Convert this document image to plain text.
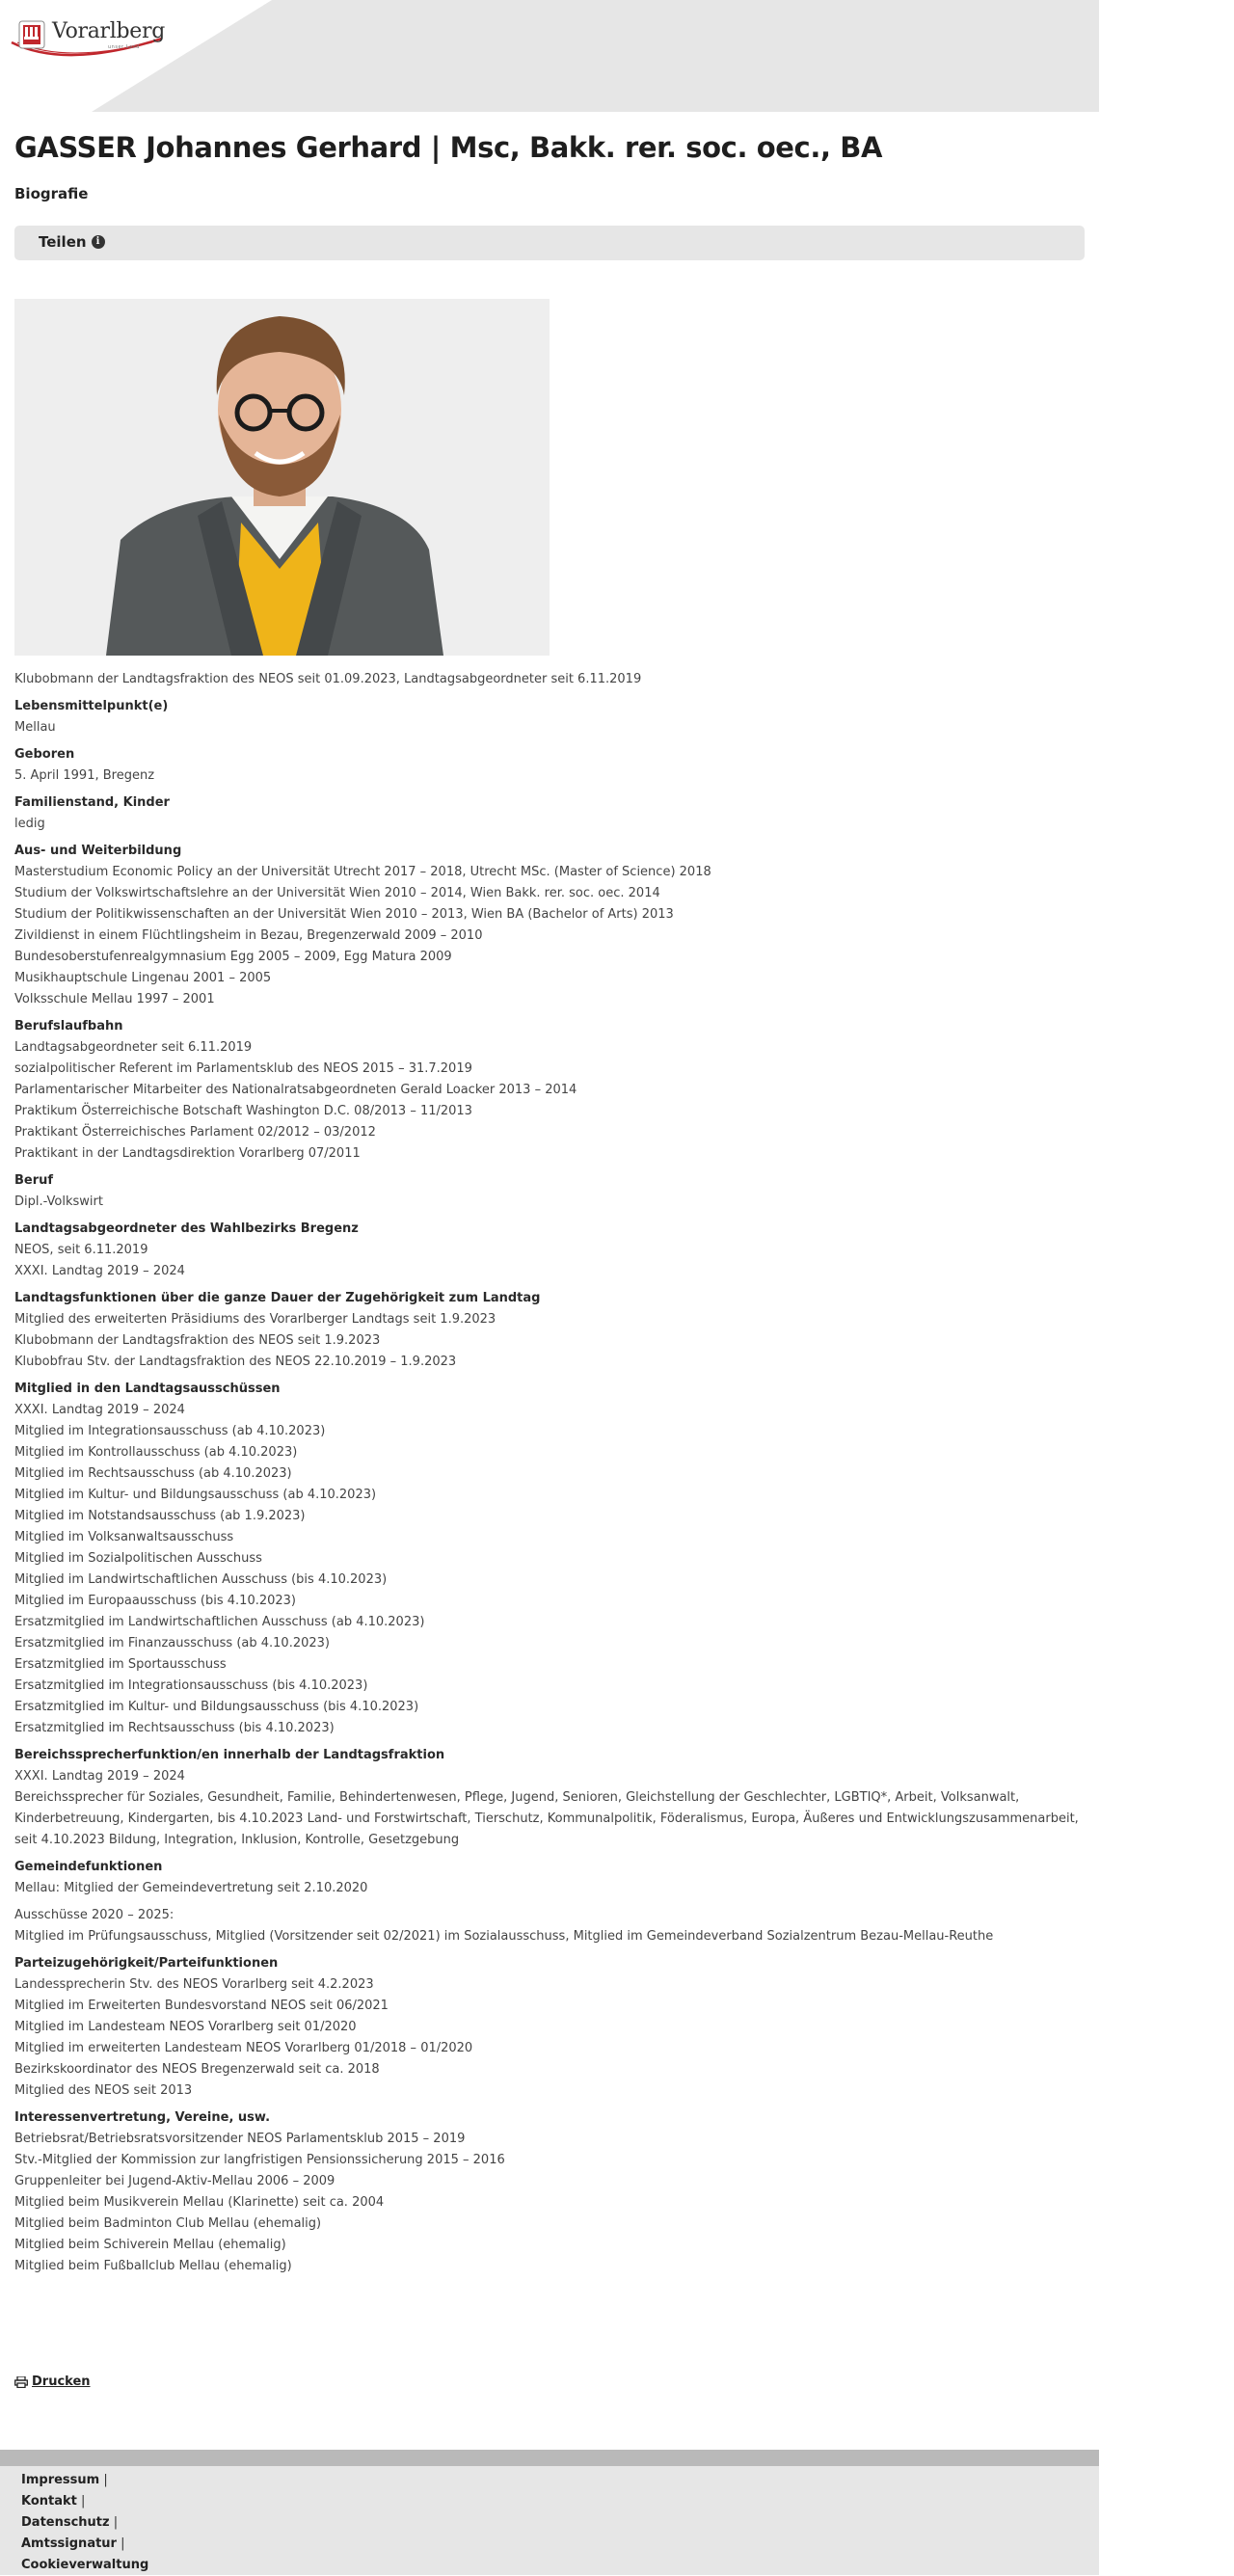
Vorarlberg
unser Land
GASSER Johannes Gerhard | Msc, Bakk. rer. soc. oec., BA
Biografie
Teilen	i
Klubobmann der Landtagsfraktion des NEOS seit 01.09.2023, Landtagsabgeordneter seit 6.11.2019
Lebensmittelpunkt(e)
Mellau
Geboren
5. April 1991, Bregenz
Familienstand, Kinder
ledig
Aus- und Weiterbildung
Masterstudium Economic Policy an der Universität Utrecht 2017 – 2018, Utrecht MSc. (Master of Science) 2018
Studium der Volkswirtschaftslehre an der Universität Wien 2010 – 2014, Wien Bakk. rer. soc. oec. 2014
Studium der Politikwissenschaften an der Universität Wien 2010 – 2013, Wien BA (Bachelor of Arts) 2013
Zivildienst in einem Flüchtlingsheim in Bezau, Bregenzerwald 2009 – 2010
Bundesoberstufenrealgymnasium Egg 2005 – 2009, Egg Matura 2009
Musikhauptschule Lingenau 2001 – 2005
Volksschule Mellau 1997 – 2001
Berufslaufbahn
Landtagsabgeordneter seit 6.11.2019
sozialpolitischer Referent im Parlamentsklub des NEOS 2015 – 31.7.2019
Parlamentarischer Mitarbeiter des Nationalratsabgeordneten Gerald Loacker 2013 – 2014
Praktikum Österreichische Botschaft Washington D.C. 08/2013 – 11/2013
Praktikant Österreichisches Parlament 02/2012 – 03/2012
Praktikant in der Landtagsdirektion Vorarlberg 07/2011
Beruf
Dipl.-Volkswirt
Landtagsabgeordneter des Wahlbezirks Bregenz
NEOS, seit 6.11.2019
XXXI. Landtag 2019 – 2024
Landtagsfunktionen über die ganze Dauer der Zugehörigkeit zum Landtag
Mitglied des erweiterten Präsidiums des Vorarlberger Landtags seit 1.9.2023
Klubobmann der Landtagsfraktion des NEOS seit 1.9.2023
Klubobfrau Stv. der Landtagsfraktion des NEOS 22.10.2019 – 1.9.2023
Mitglied in den Landtagsausschüssen
XXXI. Landtag 2019 – 2024
Mitglied im Integrationsausschuss (ab 4.10.2023)
Mitglied im Kontrollausschuss (ab 4.10.2023)
Mitglied im Rechtsausschuss (ab 4.10.2023)
Mitglied im Kultur- und Bildungsausschuss (ab 4.10.2023)
Mitglied im Notstandsausschuss (ab 1.9.2023)
Mitglied im Volksanwaltsausschuss
Mitglied im Sozialpolitischen Ausschuss
Mitglied im Landwirtschaftlichen Ausschuss (bis 4.10.2023)
Mitglied im Europaausschuss (bis 4.10.2023)
Ersatzmitglied im Landwirtschaftlichen Ausschuss (ab 4.10.2023)
Ersatzmitglied im Finanzausschuss (ab 4.10.2023)
Ersatzmitglied im Sportausschuss
Ersatzmitglied im Integrationsausschuss (bis 4.10.2023)
Ersatzmitglied im Kultur- und Bildungsausschuss (bis 4.10.2023)
Ersatzmitglied im Rechtsausschuss (bis 4.10.2023)
Bereichssprecherfunktion/en innerhalb der Landtagsfraktion
XXXI. Landtag 2019 – 2024
Bereichssprecher für Soziales, Gesundheit, Familie, Behindertenwesen, Pflege, Jugend, Senioren, Gleichstellung der Geschlechter, LGBTIQ*, Arbeit, Volksanwalt, Kinderbetreuung, Kindergarten, bis 4.10.2023 Land- und Forstwirtschaft, Tierschutz, Kommunalpolitik, Föderalismus, Europa, Äußeres und Entwicklungszusammenarbeit, seit 4.10.2023 Bildung, Integration, Inklusion, Kontrolle, Gesetzgebung
Gemeindefunktionen
Mellau: Mitglied der Gemeindevertretung seit 2.10.2020
Ausschüsse 2020 – 2025:
Mitglied im Prüfungsausschuss, Mitglied (Vorsitzender seit 02/2021) im Sozialausschuss, Mitglied im Gemeindeverband Sozialzentrum Bezau-Mellau-Reuthe
Parteizugehörigkeit/Parteifunktionen
Landessprecherin Stv. des NEOS Vorarlberg seit 4.2.2023
Mitglied im Erweiterten Bundesvorstand NEOS seit 06/2021
Mitglied im Landesteam NEOS Vorarlberg seit 01/2020
Mitglied im erweiterten Landesteam NEOS Vorarlberg 01/2018 – 01/2020
Bezirkskoordinator des NEOS Bregenzerwald seit ca. 2018
Mitglied des NEOS seit 2013
Interessenvertretung, Vereine, usw.
Betriebsrat/Betriebsratsvorsitzender NEOS Parlamentsklub 2015 – 2019
Stv.-Mitglied der Kommission zur langfristigen Pensionssicherung 2015 – 2016
Gruppenleiter bei Jugend-Aktiv-Mellau 2006 – 2009
Mitglied beim Musikverein Mellau (Klarinette) seit ca. 2004
Mitglied beim Badminton Club Mellau (ehemalig)
Mitglied beim Schiverein Mellau (ehemalig)
Mitglied beim Fußballclub Mellau (ehemalig)
Drucken
Impressum |
Kontakt |
Datenschutz |
Amtssignatur |
Cookieverwaltung
